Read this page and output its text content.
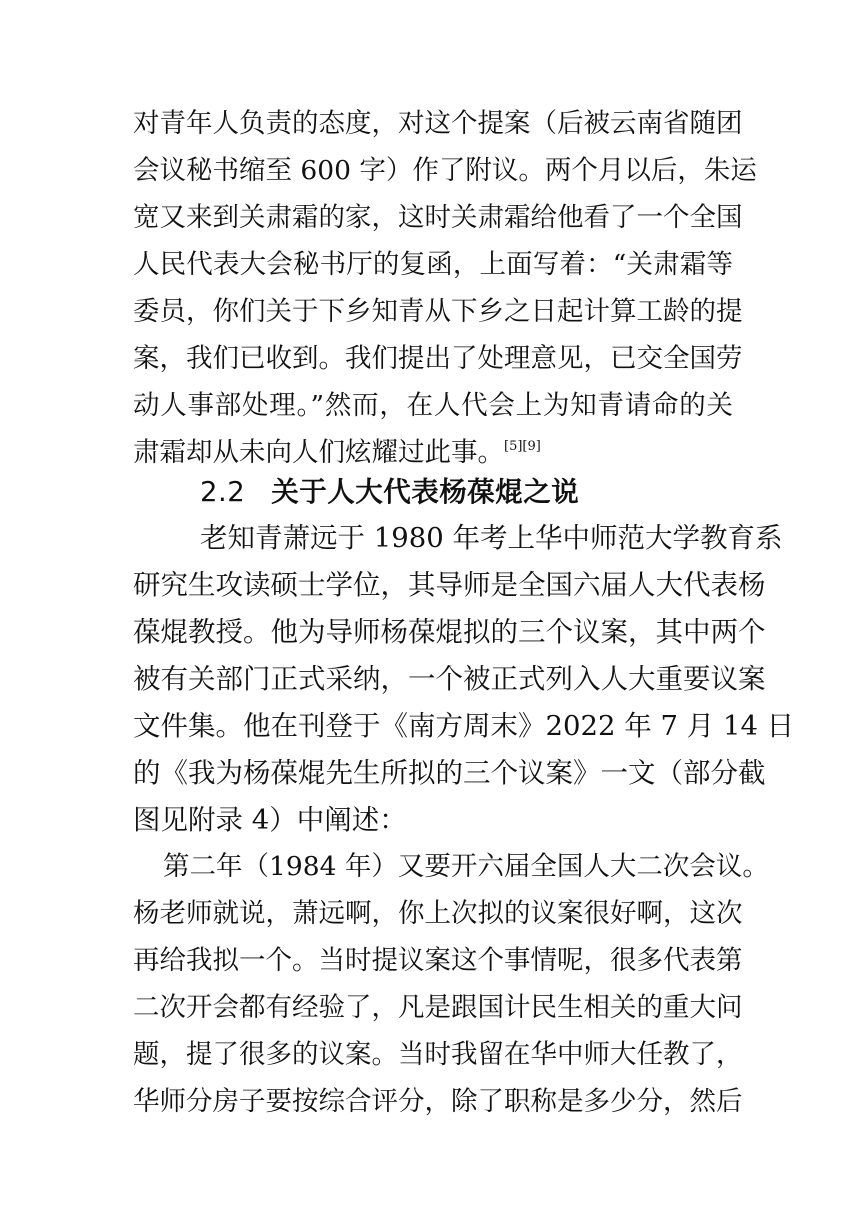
对青年人负责的态度，对这个提案（后被云南省随团
会议秘书缩至 600 字）作了附议。两个月以后，朱运
宽又来到关肃霜的家，这时关肃霜给他看了一个全国
人民代表大会秘书厅的复函，上面写着：“关肃霜等
委员，你们关于下乡知青从下乡之日起计算工龄的提
案，我们已收到。我们提出了处理意见，已交全国劳
动人事部处理。”然而，在人代会上为知青请命的关
肃霜却从未向人们炫耀过此事。[5][9]
2.2 关于人大代表杨葆焜之说
老知青萧远于 1980 年考上华中师范大学教育系
研究生攻读硕士学位，其导师是全国六届人大代表杨
葆焜教授。他为导师杨葆焜拟的三个议案，其中两个
被有关部门正式采纳，一个被正式列入人大重要议案
文件集。他在刊登于《南方周末》2022 年 7 月 14 日
的《我为杨葆焜先生所拟的三个议案》一文（部分截
图见附录 4）中阐述：
第二年（1984 年）又要开六届全国人大二次会议。
杨老师就说，萧远啊，你上次拟的议案很好啊，这次
再给我拟一个。当时提议案这个事情呢，很多代表第
二次开会都有经验了，凡是跟国计民生相关的重大问
题，提了很多的议案。当时我留在华中师大任教了，
华师分房子要按综合评分，除了职称是多少分，然后
